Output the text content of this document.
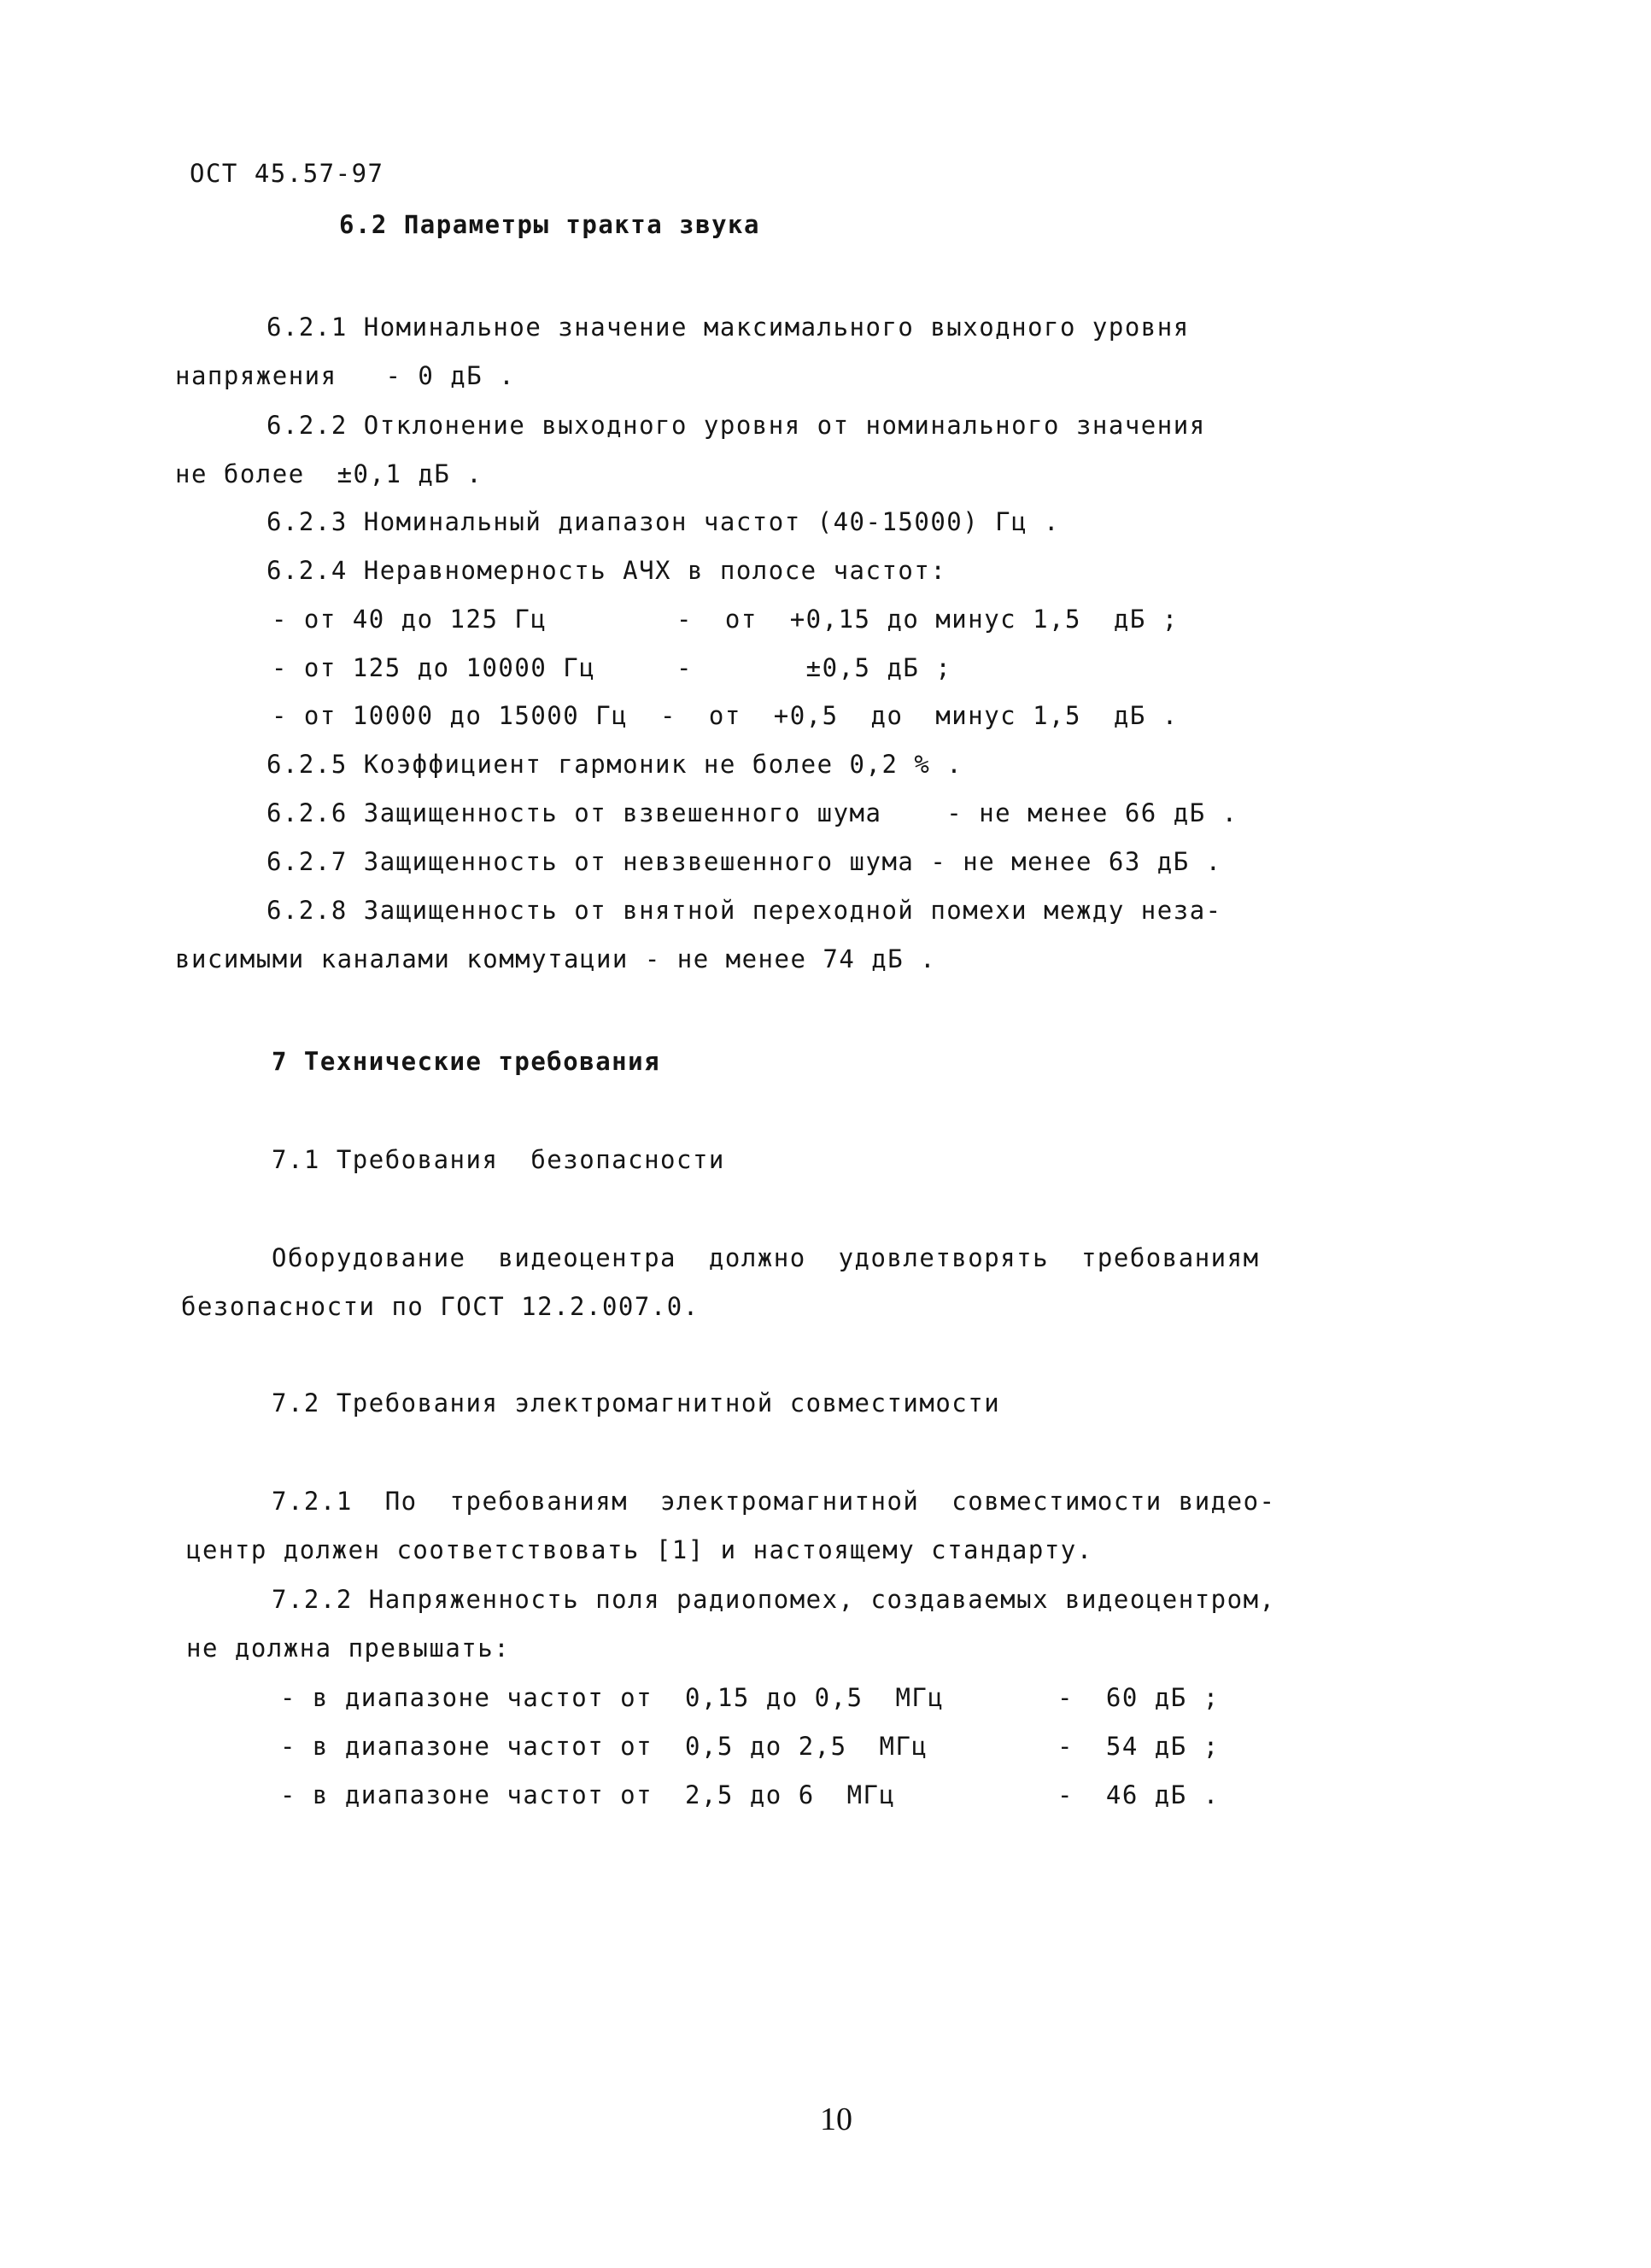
ОСТ 45.57-97
6.2 Параметры тракта звука
6.2.1 Номинальное значение максимального выходного уровня
напряжения   - 0 дБ .
6.2.2 Отклонение выходного уровня от номинального значения
не более  ±0,1 дБ .
6.2.3 Номинальный диапазон частот (40-15000) Гц .
6.2.4 Неравномерность АЧХ в полосе частот:
- от 40 до 125 Гц        -  от  +0,15 до минус 1,5  дБ ;
- от 125 до 10000 Гц     -       ±0,5 дБ ;
- от 10000 до 15000 Гц  -  от  +0,5  до  минус 1,5  дБ .
6.2.5 Коэффициент гармоник не более 0,2 % .
6.2.6 Защищенность от взвешенного шума    - не менее 66 дБ .
6.2.7 Защищенность от невзвешенного шума - не менее 63 дБ .
6.2.8 Защищенность от внятной переходной помехи между неза-
висимыми каналами коммутации - не менее 74 дБ .
7 Технические требования
7.1 Требования  безопасности
Оборудование  видеоцентра  должно  удовлетворять  требованиям
безопасности по ГОСТ 12.2.007.0.
7.2 Требования электромагнитной совместимости
7.2.1  По  требованиям  электромагнитной  совместимости видео-
центр должен соответствовать [1] и настоящему стандарту.
7.2.2 Напряженность поля радиопомех, создаваемых видеоцентром,
не должна превышать:
- в диапазоне частот от  0,15 до 0,5  МГц       -  60 дБ ;
- в диапазоне частот от  0,5 до 2,5  МГц        -  54 дБ ;
- в диапазоне частот от  2,5 до 6  МГц          -  46 дБ .
10
